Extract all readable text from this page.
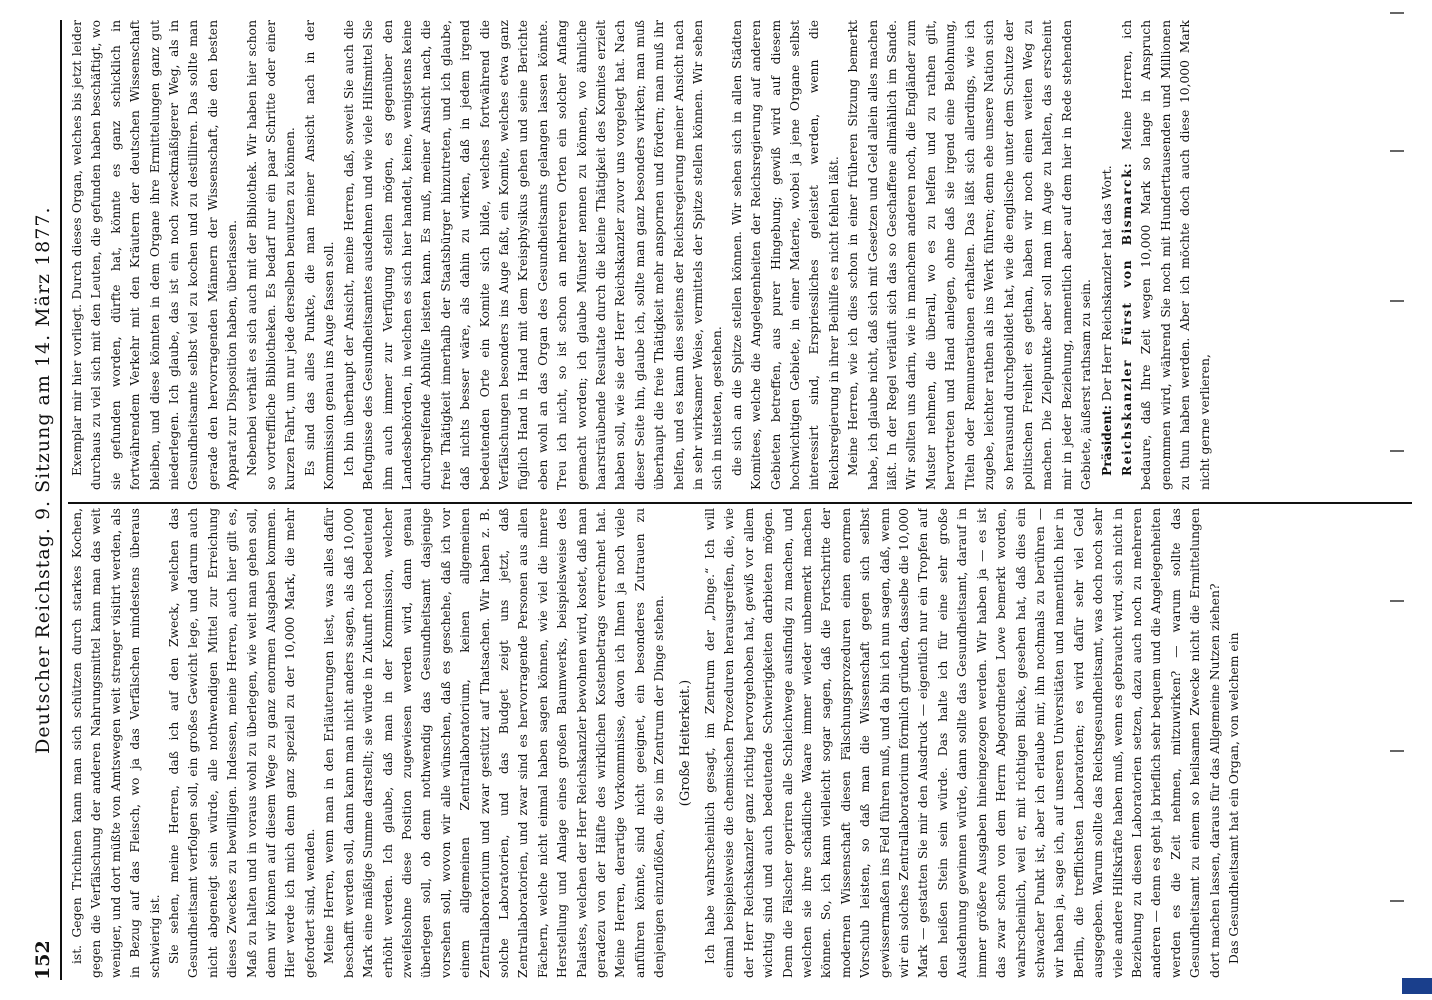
152
Deutscher Reichstag. 9. Sitzung am 14. März 1877. ist. Gegen Trichinen kann man sich schützen durch starkes Kochen, gegen die Verfälschung der anderen Nahrungsmittel kann man das weit weniger, und dort müßte von Amtswegen weit strenger visitirt werden, als in Bezug auf das Fleisch, wo ja das Verfälschen mindestens überaus schwierig ist. Sie sehen, meine Herren, daß ich auf den Zweck, welchen das Gesundheitsamt verfolgen soll, ein großes Gewicht lege, und darum auch nicht abgeneigt sein würde, alle nothwendigen Mittel zur Erreichung dieses Zweckes zu bewilligen. Indessen, meine Herren, auch hier gilt es, Maß zu halten und in voraus wohl zu überlegen, wie weit man gehen soll, denn wir können auf diesem Wege zu ganz enormen Ausgaben kommen. Hier werde ich mich denn ganz speziell zu der 10,000 Mark, die mehr gefordert sind, wenden. Meine Herren, wenn man in den Erläuterungen liest, was alles dafür beschafft werden soll, dann kann man nicht anders sagen, als daß 10,000 Mark eine mäßige Summe darstellt; sie würde in Zukunft noch bedeutend erhöht werden. Ich glaube, daß man in der Kommission, welcher zweifelsohne diese Position zugewiesen werden wird, dann genau überlegen soll, ob denn nothwendig das Gesundheitsamt dasjenige vorsehen soll, wovon wir alle wünschen, daß es geschehe, daß ich vor einem allgemeinen Zentrallaboratorium, keinen allgemeinen Zentrallaboratorium und zwar gestützt auf Thatsachen. Wir haben z. B. solche Laboratorien, und das Budget zeigt uns jetzt, daß Zentrallaboratorien, und zwar sind es hervorragende Personen aus allen Fächern, welche nicht einmal haben sagen können, wie viel die innere Herstellung und Anlage eines großen Baumwerks, beispielsweise des Palastes, welchen der Herr Reichskanzler bewohnen wird, kostet, daß man geradezu von der Hälfte des wirklichen Kostenbetrags verrechnet hat. Meine Herren, derartige Vorkommnisse, davon ich Ihnen ja noch viele anführen könnte, sind nicht geeignet, ein besonderes Zutrauen zu denjenigen einzuflößen, die so im Zentrum der Dinge stehen. (Große Heiterkeit.) Ich habe wahrscheinlich gesagt, im Zentrum der „Dinge.“ Ich will einmal beispielsweise die chemischen Prozeduren herausgreifen, die, wie der Herr Reichskanzler ganz richtig hervorgehoben hat, gewiß vor allem wichtig sind und auch bedeutende Schwierigkeiten darbieten mögen. Denn die Fälscher operiren alle Schleichwege ausfindig zu machen, und welchen sie ihre schädliche Waare immer wieder unbemerkt machen können. So, ich kann vielleicht sogar sagen, daß die Fortschritte der modernen Wissenschaft diesen Fälschungsprozeduren einen enormen Vorschub leisten, so daß man die Wissenschaft gegen sich selbst gewissermaßen ins Feld führen muß, und da bin ich nun sagen, daß, wenn wir ein solches Zentrallaboratorium förmlich gründen, dasselbe die 10,000 Mark — gestatten Sie mir den Ausdruck — eigentlich nur ein Tropfen auf den heißen Stein sein würde. Das halte ich für eine sehr große Ausdehnung gewinnen würde, dann sollte das Gesundheitsamt, darauf in immer größere Ausgaben hineingezogen werden. Wir haben ja — es ist das zwar schon von dem Herrn Abgeordneten Lowe bemerkt worden, wahrscheinlich, weil er, mit richtigen Blicke, gesehen hat, daß dies ein schwacher Punkt ist, aber ich erlaube mir, ihn nochmals zu berühren — wir haben ja, sage ich, auf unseren Universitäten und namentlich hier in Berlin, die trefflichsten Laboratorien; es wird dafür sehr viel Geld ausgegeben. Warum sollte das Reichsgesundheitsamt, was doch noch sehr viele andere Hilfskräfte haben muß, wenn es gebraucht wird, sich nicht in Beziehung zu diesen Laboratorien setzen, dazu auch noch zu mehreren anderen — denn es geht ja brieflich sehr bequem und die Angelegenheiten werden es die Zeit nehmen, mitzuwirken? — warum sollte das Gesundheitsamt zu einem so heilsamen Zwecke nicht die Ermittelungen dort machen lassen, daraus für das Allgemeine Nutzen ziehen? Das Gesundheitsamt hat ein Organ, von welchem ein

Exemplar mir hier vorliegt. Durch dieses Organ, welches bis jetzt leider durchaus zu viel sich mit den Leuten, die gefunden haben beschäftigt, wo sie gefunden worden, dürfte hat, könnte es ganz schicklich in fortwährendem Verkehr mit den Kräutern der deutschen Wissenschaft bleiben, und diese könnten in dem Organe ihre Ermittelungen ganz gut niederlegen. Ich glaube, das ist ein noch zweckmäßigerer Weg, als in Gesundheitsamte selbst viel zu kochen und zu destilliren. Das sollte man gerade den hervorragenden Männern der Wissenschaft, die den besten Apparat zur Disposition haben, überlassen. Nebenbei verhält es sich auch mit der Bibliothek. Wir haben hier schon so vortreffliche Bibliotheken. Es bedarf nur ein paar Schritte oder einer kurzen Fahrt, um nur jede derselben benutzen zu können. Es sind das alles Punkte, die man meiner Ansicht nach in der Kommission genau ins Auge fassen soll. Ich bin überhaupt der Ansicht, meine Herren, daß, soweit Sie auch die Befugnisse des Gesundheitsamtes ausdehnen und wie viele Hilfsmittel Sie ihm auch immer zur Verfügung stellen mögen, es gegenüber den Landesbehörden, in welchen es sich hier handelt, keine, wenigstens keine durchgreifende Abhülfe leisten kann. Es muß, meiner Ansicht nach, die freie Thätigkeit innerhalb der Staatsbürger hinzutreten, und ich glaube, daß nichts besser wäre, als dahin zu wirken, daß in jedem irgend bedeutenden Orte ein Komite sich bilde, welches fortwährend die Verfälschungen besonders ins Auge faßt, ein Komite, welches etwa ganz füglich Hand in Hand mit dem Kreisphysikus gehen und seine Berichte eben wohl an das Organ des Gesundheitsamts gelangen lassen könnte. Treu ich nicht, so ist schon an mehreren Orten ein solcher Anfang gemacht worden; ich glaube Münster nennen zu können, wo ähnliche haarsträubende Resultate durch die kleine Thätigkeit des Komites erzielt haben soll, wie sie der Herr Reichskanzler zuvor uns vorgelegt hat. Nach dieser Seite hin, glaube ich, sollte man ganz besonders wirken; man muß überhaupt die freie Thätigkeit mehr anspornen und fördern; man muß ihr helfen, und es kann dies seitens der Reichsregierung meiner Ansicht nach in sehr wirksamer Weise, vermittels der Spitze stellen können. Wir sehen sich in nisteten, gestehen. die sich an die Spitze stellen können. Wir sehen sich in allen Städten Komitees, welche die Angelegenheiten der Reichsregierung auf anderen Gebieten betreffen, aus purer Hingebung; gewiß wird auf diesem hochwichtigen Gebiete, in einer Materie, wobei ja jene Organe selbst interessirt sind, Erspriessliches geleistet werden, wenn die Reichsregierung in ihrer Beihilfe es nicht fehlen läßt. Meine Herren, wie ich dies schon in einer früheren Sitzung bemerkt habe, ich glaube nicht, daß sich mit Gesetzen und Geld allein alles machen läßt. In der Regel verläuft sich das so Geschaffene allmählich im Sande. Wir sollten uns darin, wie in manchem anderen noch, die Engländer zum Muster nehmen, die überall, wo es zu helfen und zu rathen gilt, hervortreten und Hand anlegen, ohne daß sie irgend eine Belohnung, Titeln oder Remunerationen erhalten. Das läßt sich allerdings, wie ich zugebe, leichter rathen als ins Werk führen; denn ehe unsere Nation sich so herausund durchgebildet hat, wie die englische unter dem Schutze der politischen Freiheit es gethan, haben wir noch einen weiten Weg zu machen. Die Zielpunkte aber soll man im Auge zu halten, das erscheint mir in jeder Beziehung, namentlich aber auf dem hier in Rede stehenden Gebiete, äußerst rathsam zu sein. Präsident: Der Herr Reichskanzler hat das Wort. Reichskanzler Fürst von Bismarck: Meine Herren, ich bedaure, daß Ihre Zeit wegen 10,000 Mark so lange in Anspruch genommen wird, während Sie noch mit Hunderttausenden und Millionen zu thun haben werden. Aber ich möchte doch auch diese 10,000 Mark nicht gerne verlieren,
